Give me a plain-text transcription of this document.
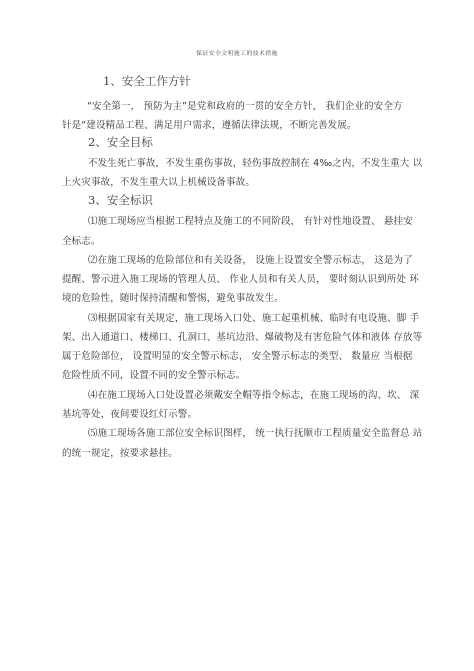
保证安全文明施工的技术措施
1、安全工作方针
“安全第一， 预防为主”是党和政府的一贯的安全方针， 我们企业的安全方
针是“建设精品工程、满足用户需求，遵循法律法规，不断完善发展。
2、安全目标
不发生死亡事故，不发生重伤事故，轻伤事故控制在 4‰之内，不发生重大 以
上火灾事故，不发生重大以上机械设备事故。
3、安全标识
⑴施工现场应当根据工程特点及施工的不同阶段， 有针对性地设置、 悬挂安
全标志。
⑵在施工现场的危险部位和有关设备， 设施上设置安全警示标志， 这是为了
提醒、警示进入施工现场的管理人员、 作业人员和有关人员， 要时刻认识到所处 环
境的危险性，随时保持清醒和警惕，避免事故发生。
⑶根据国家有关规定，施工现场入口处、施工起重机械、临时有电设施、脚 手
架、出入通道口、楼梯口、孔洞口、基坑边沿、爆破物及有害危险气体和液体 存放等
属于危险部位， 设置明显的安全警示标志， 安全警示标志的类型、 数量应 当根据
危险性质不同，设置不同的安全警示标志。
⑷在施工现场入口处设置必须戴安全帽等指令标志，在施工现场的沟、坎、 深
基坑等处，夜间要设红灯示警。
⑸施工现场各施工部位安全标识图样， 统一执行抚顺市工程质量安全监督总 站
的统一规定，按要求悬挂。
